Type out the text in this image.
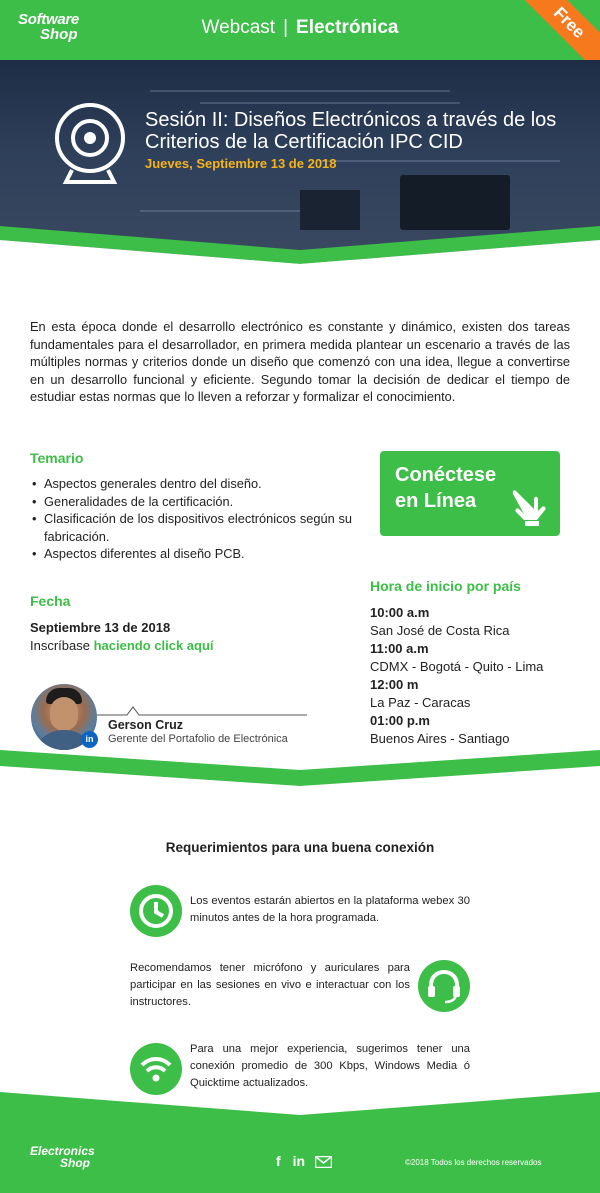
Software
Shop	Webcast | Electrónica	Free
Sesión II: Diseños Electrónicos a través de los Criterios de la Certificación IPC CID
Jueves, Septiembre 13 de 2018

En esta época donde el desarrollo electrónico es constante y dinámico, existen dos tareas fundamentales para el desarrollador, en primera medida plantear un escenario a través de las múltiples normas y criterios donde un diseño que comenzó con una idea, llegue a convertirse en un desarrollo funcional y eficiente. Segundo tomar la decisión de dedicar el tiempo de estudiar estas normas que lo lleven a reforzar y formalizar el conocimiento.

Temario
• Aspectos generales dentro del diseño.
• Generalidades de la certificación.
• Clasificación de los dispositivos electrónicos según su fabricación.
• Aspectos diferentes al diseño PCB.
Conéctese
en Línea
Fecha
Septiembre 13 de 2018
Inscríbase haciendo click aquí
Hora de inicio por país
10:00 a.m
San José de Costa Rica
11:00 a.m
CDMX - Bogotá - Quito - Lima
12:00 m
La Paz - Caracas
01:00 p.m
Buenos Aires - Santiago
in
Gerson Cruz
Gerente del Portafolio de Electrónica
Requerimientos para una buena conexión
Los eventos estarán abiertos en la plataforma webex 30 minutos antes de la hora programada.
Recomendamos tener micrófono y auriculares para participar en las sesiones en vivo e interactuar con los instructores.
Para una mejor experiencia, sugerimos tener una conexión promedio de 300 Kbps, Windows Media ó Quicktime actualizados.
Electronics
Shop	f in	©2018 Todos los derechos reservados
